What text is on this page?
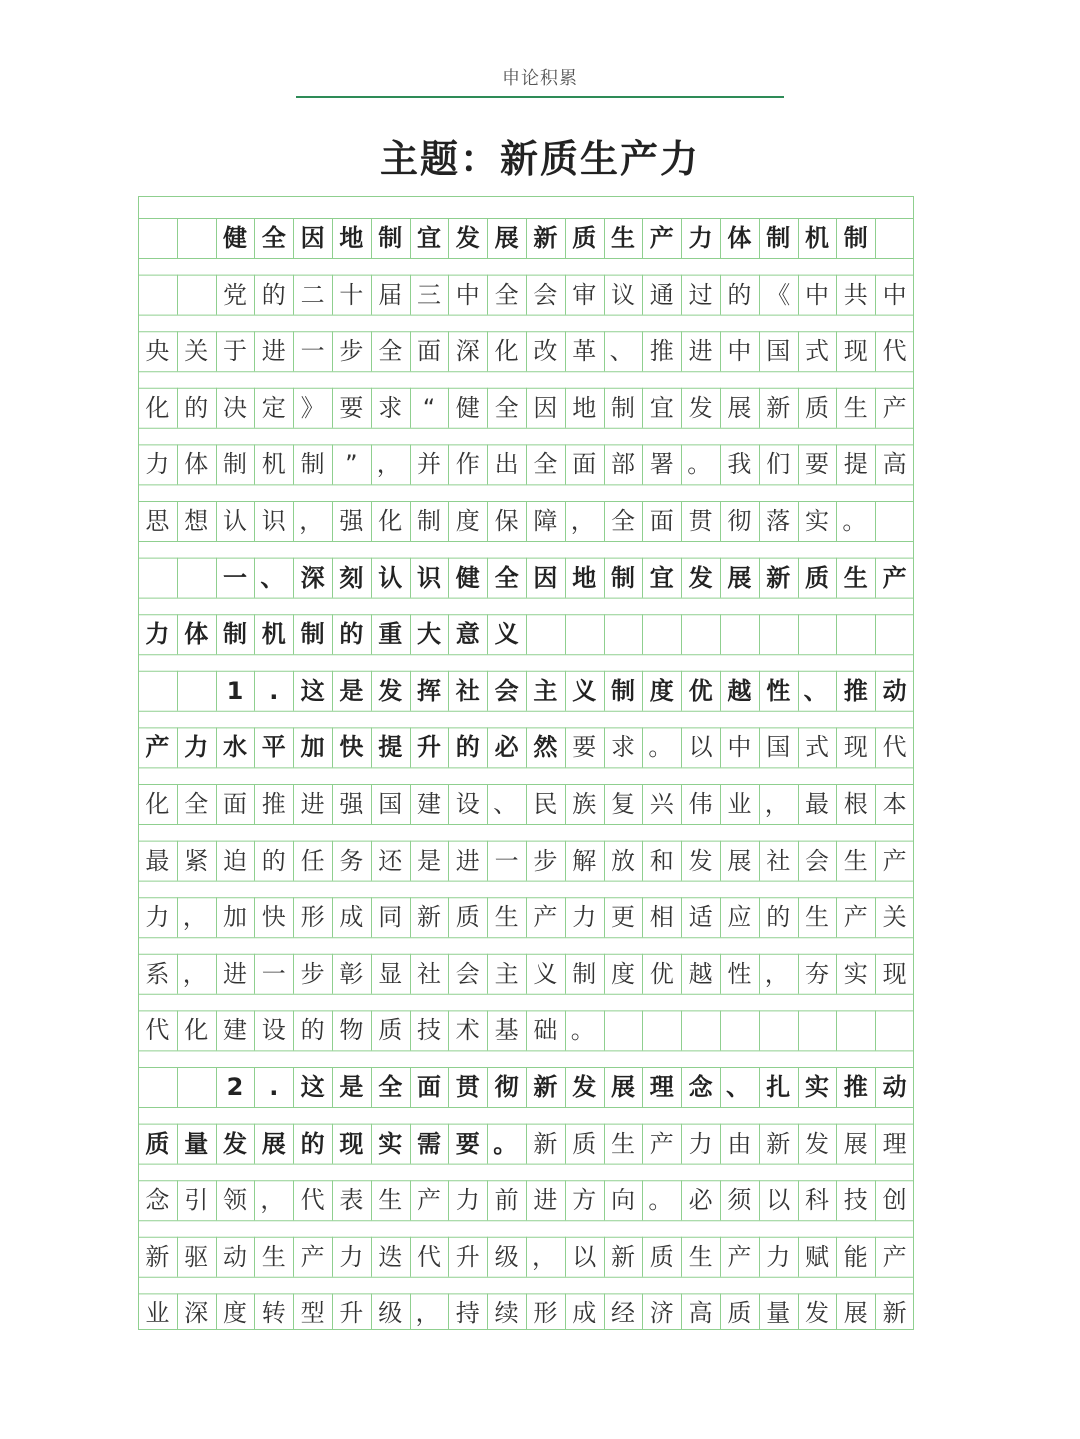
申论积累
主题：新质生产力
健 全 因 地 制 宜 发 展 新 质 生 产 力 体 制 机 制
党 的 二 十 届 三 中 全 会 审 议 通 过 的 《 中 共 中
央 关 于 进 一 步 全 面 深 化 改 革 、 推 进 中 国 式 现 代
化 的 决 定 》 要 求 “ 健 全 因 地 制 宜 发 展 新 质 生 产
力 体 制 机 制 ” ， 并 作 出 全 面 部 署 。 我 们 要 提 高
思 想 认 识 ， 强 化 制 度 保 障 ， 全 面 贯 彻 落 实 。
一 、 深 刻 认 识 健 全 因 地 制 宜 发 展 新 质 生 产
力 体 制 机 制 的 重 大 意 义
1	. 这 是 发 挥 社 会 主 义 制 度 优 越 性 、 推 动
产 力 水 平 加 快 提 升 的 必 然 要 求 。 以 中 国 式 现 代
化 全 面 推 进 强 国 建 设 、 民 族 复 兴 伟 业 ， 最 根 本
最 紧 迫 的 任 务 还 是 进 一 步 解 放 和 发 展 社 会 生 产
力 ， 加 快 形 成 同 新 质 生 产 力 更 相 适 应 的 生 产 关
系 ， 进 一 步 彰 显 社 会 主 义 制 度 优 越 性 ， 夯 实 现
代 化 建 设 的 物 质 技 术 基 础 。
2	. 这 是 全 面 贯 彻 新 发 展 理 念 、 扎 实 推 动
质 量 发 展 的 现 实 需 要 。 新 质 生 产 力 由 新 发 展 理
念 引 领 ， 代 表 生 产 力 前 进 方 向 。 必 须 以 科 技 创
新 驱 动 生 产 力 迭 代 升 级 ， 以 新 质 生 产 力 赋 能 产
业 深 度 转 型 升 级 ， 持 续 形 成 经 济 高 质 量 发 展 新
